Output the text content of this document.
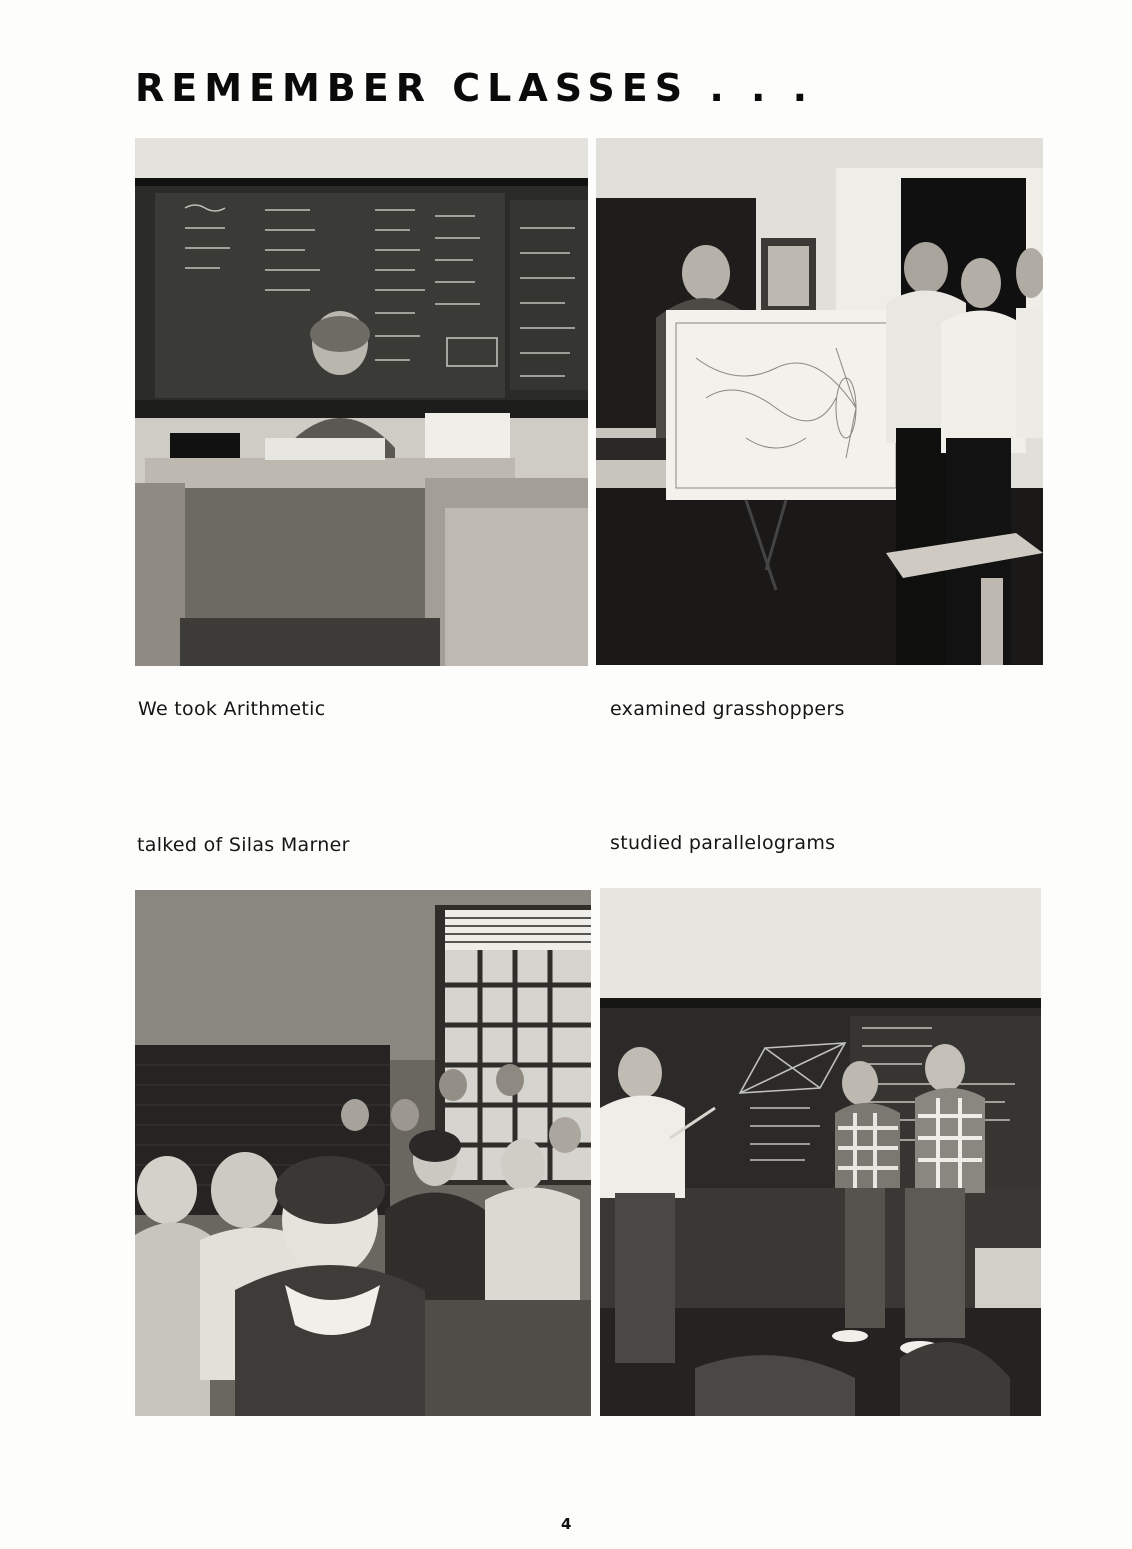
REMEMBER CLASSES . . .
We took Arithmetic	examined grasshoppers
talked of Silas Marner	studied parallelograms
4
